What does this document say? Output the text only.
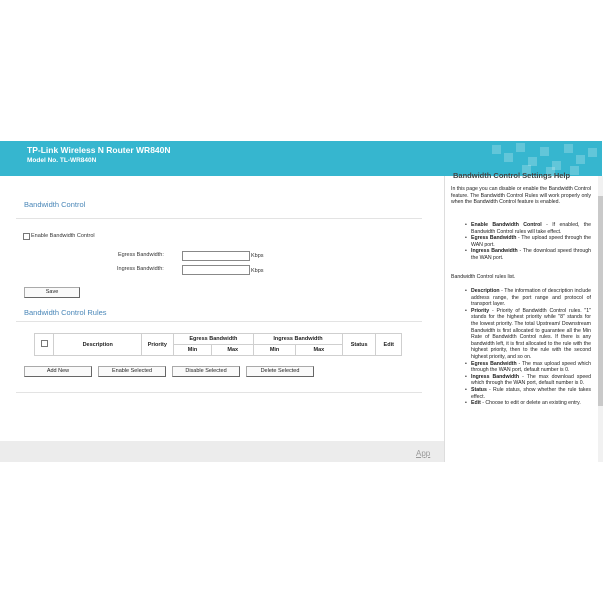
TP-Link Wireless N Router WR840N
Model No. TL-WR840N
Bandwidth Control
Enable Bandwidth Control
Egress Bandwidth:	Kbps
Ingress Bandwidth:	Kbps
Save
Bandwidth Control Rules
	Description	Priority	Egress Bandwidth		Ingress Bandwidth		Status	Edit
			Min	Max	Min	Max		
Add New	Enable Selected	Disable Selected	Delete Selected
App
Bandwidth Control Settings Help

In this page you can disable or enable the Bandwidth Control feature. The Bandwidth Control Rules will work properly only when the Bandwidth Control feature is enabled.

• Enable Bandwidth Control - If enabled, the Bandwidth Control rules will take effect.
• Egress Bandwidth - The upload speed through the WAN port.
• Ingress Bandwidth - The download speed through the WAN port.

Bandwidth Control rules list.

• Description - The information of description include address range, the port range and protocol of transport layer.
• Priority - Priority of Bandwidth Control rules. "1" stands for the highest priority while "8" stands for the lowest priority. The total Upstream/ Downstream Bandwidth is first allocated to guarantee all the Min Rate of Bandwidth Control rules. If there is any bandwidth left, it is first allocated to the rule with the highest priority, then to the rule with the second highest priority, and so on.
• Egress Bandwidth - The max upload speed which through the WAN port, default number is 0.
• Ingress Bandwidth - The max download speed which through the WAN port, default number is 0.
• Status - Rule status, show whether the rule takes effect.
• Edit - Choose to edit or delete an existing entry.
